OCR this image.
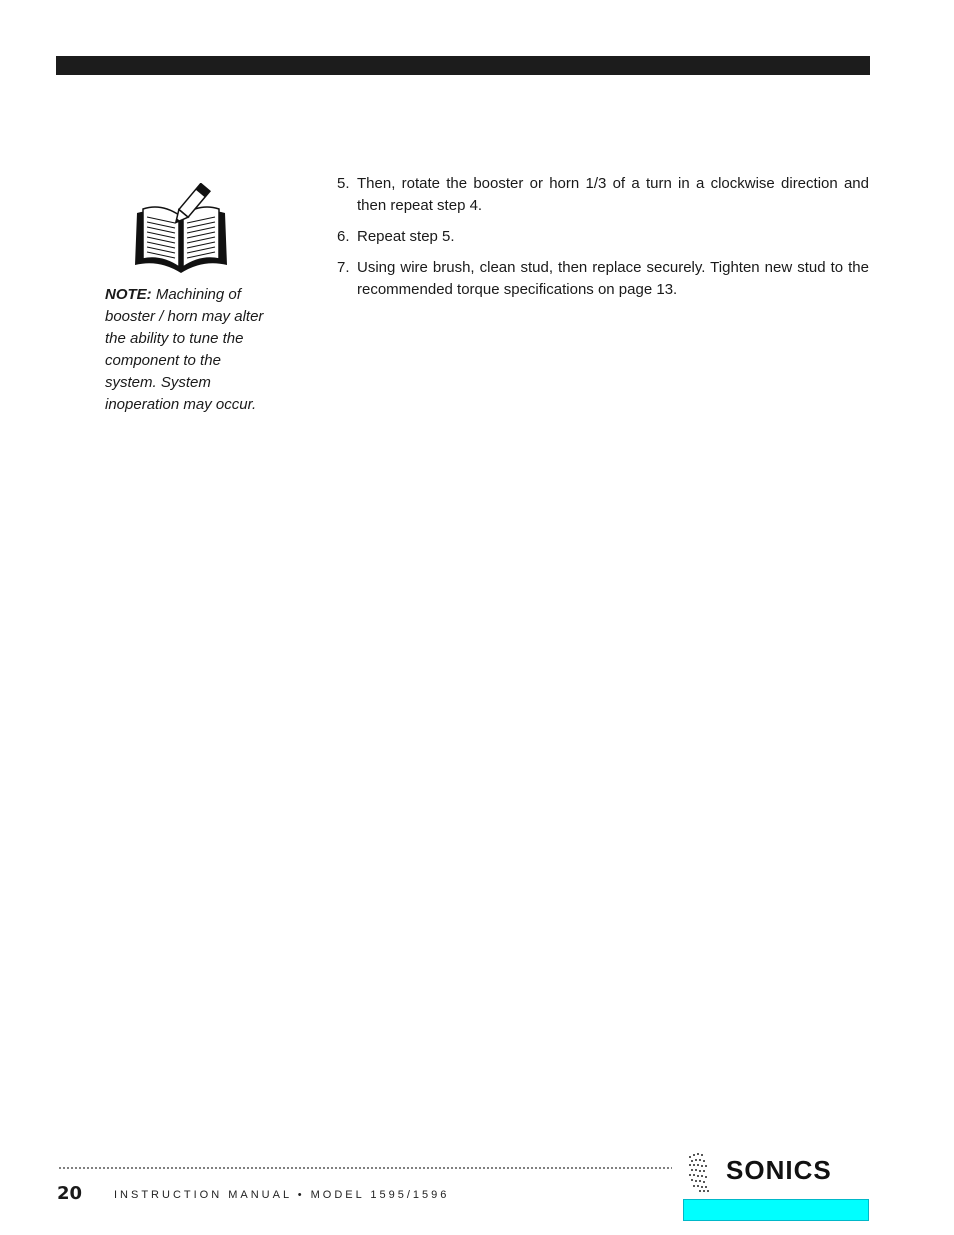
NOTE: Machining of booster / horn may alter the ability to tune the component to the system. System inoperation may occur.
5. Then, rotate the booster or horn 1/3 of a turn in a clockwise direction and then repeat step 4.
6. Repeat step 5.
7. Using wire brush, clean stud, then replace securely. Tighten new stud to the recommended torque specifications on page 13.
20	INSTRUCTION MANUAL • MODEL 1595/1596
SONICS
